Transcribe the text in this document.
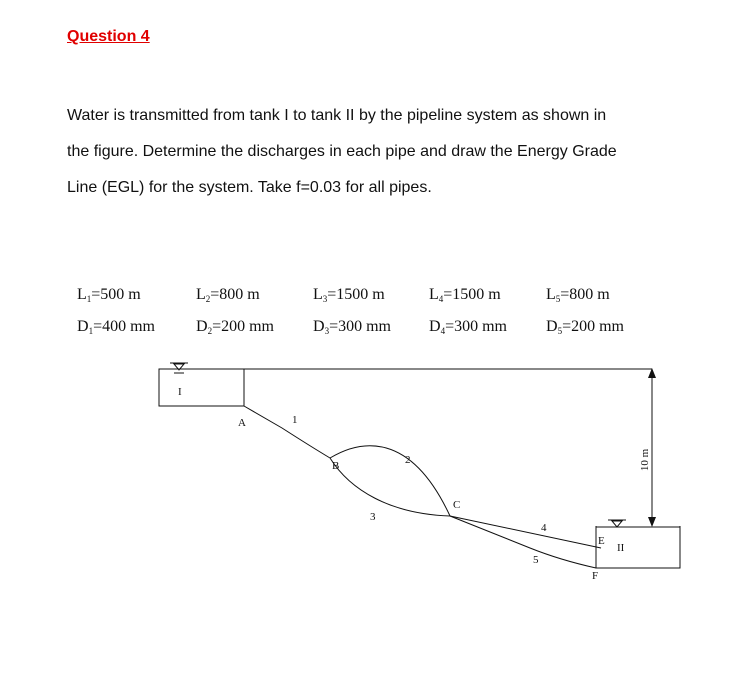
Question 4
Water is transmitted from tank I to tank II by the pipeline system as shown in
the figure. Determine the discharges in each pipe and draw the Energy Grade
Line (EGL) for the system. Take f=0.03 for all pipes.
$L_1=500$ m
$D_1=400$ mm
$L_2=800$ m
$D_2=200$ mm
$L_3=1500$ m
$D_3=300$ mm
$L_4=1500$ m
$D_4=300$ mm
$L_5=800$ m
$D_5=200$ mm
I
II
A
B
C
E
F
1
2
3
4
5
10 m
